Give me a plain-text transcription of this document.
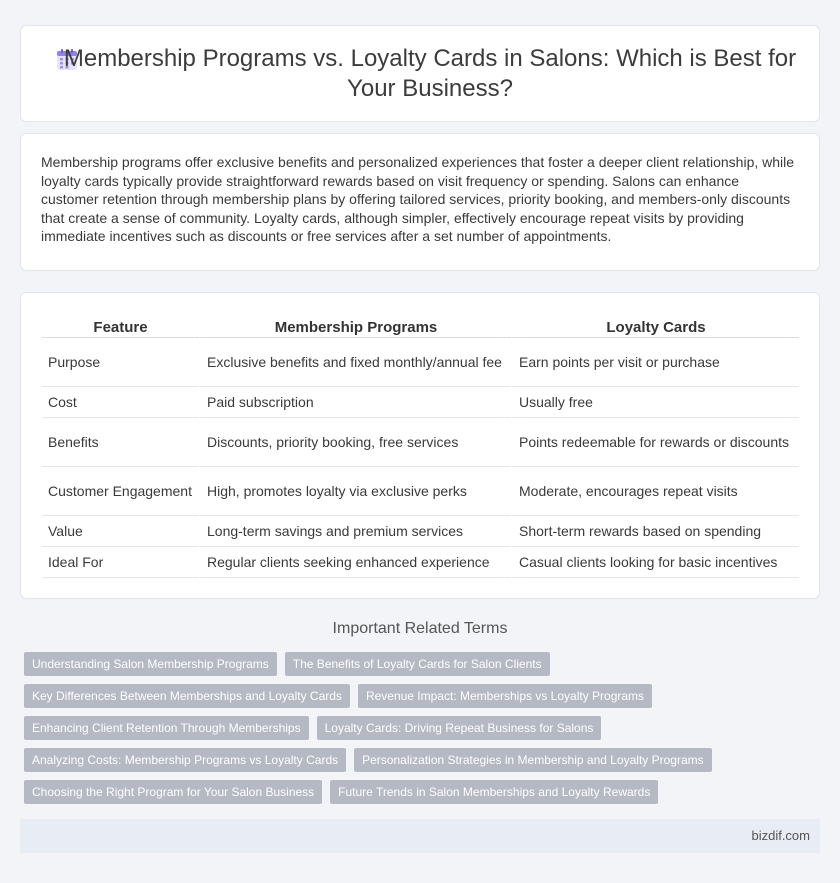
Membership Programs vs. Loyalty Cards in Salons: Which is Best for Your Business?

Membership programs offer exclusive benefits and personalized experiences that foster a deeper client relationship, while loyalty cards typically provide straightforward rewards based on visit frequency or spending. Salons can enhance customer retention through membership plans by offering tailored services, priority booking, and members-only discounts that create a sense of community. Loyalty cards, although simpler, effectively encourage repeat visits by providing immediate incentives such as discounts or free services after a set number of appointments.

Feature	Membership Programs	Loyalty Cards
Purpose	Exclusive benefits and fixed monthly/annual fee	Earn points per visit or purchase
Cost	Paid subscription	Usually free
Benefits	Discounts, priority booking, free services	Points redeemable for rewards or discounts
Customer Engagement	High, promotes loyalty via exclusive perks	Moderate, encourages repeat visits
Value	Long-term savings and premium services	Short-term rewards based on spending
Ideal For	Regular clients seeking enhanced experience	Casual clients looking for basic incentives
Important Related Terms
Understanding Salon Membership Programs	The Benefits of Loyalty Cards for Salon Clients
Key Differences Between Memberships and Loyalty Cards	Revenue Impact: Memberships vs Loyalty Programs
Enhancing Client Retention Through Memberships	Loyalty Cards: Driving Repeat Business for Salons
Analyzing Costs: Membership Programs vs Loyalty Cards	Personalization Strategies in Membership and Loyalty Programs
Choosing the Right Program for Your Salon Business	Future Trends in Salon Memberships and Loyalty Rewards
bizdif.com
